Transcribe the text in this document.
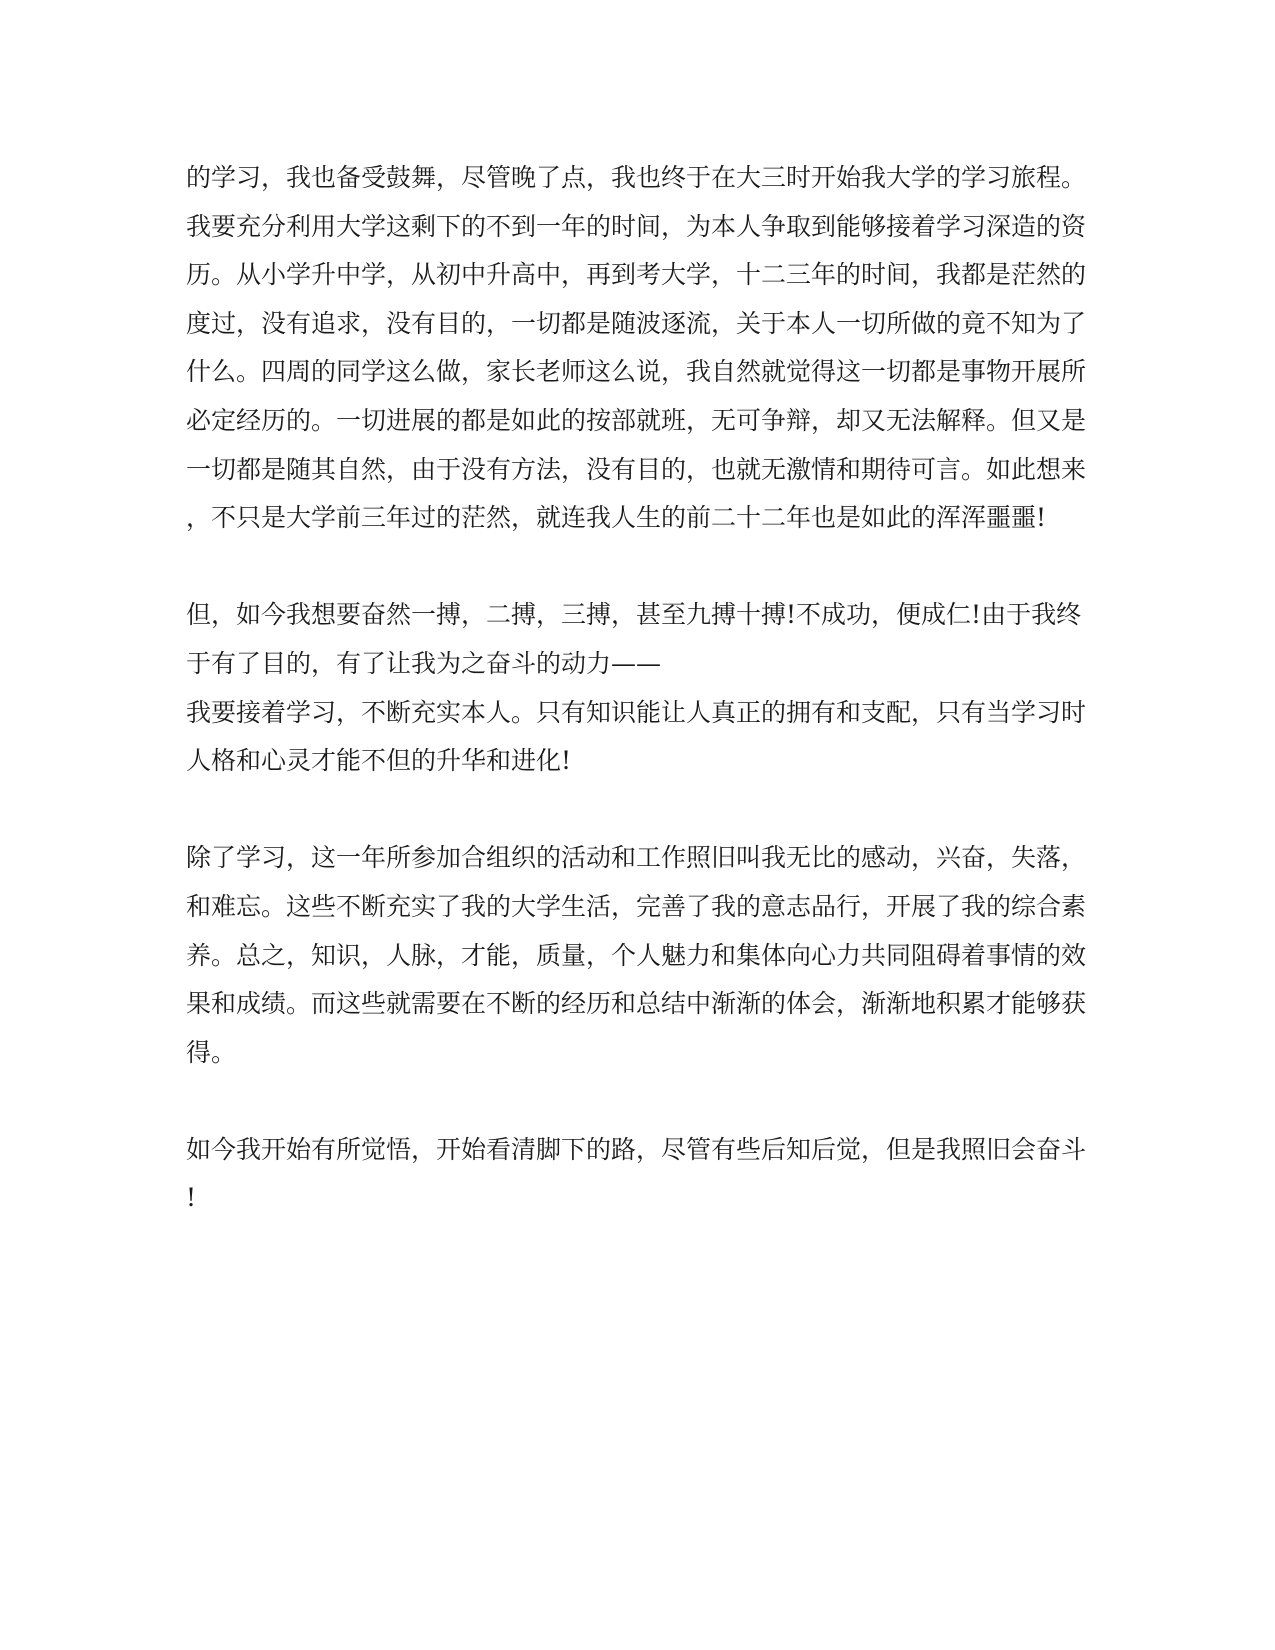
的学习，我也备受鼓舞，尽管晚了点，我也终于在大三时开始我大学的学习旅程。
我要充分利用大学这剩下的不到一年的时间，为本人争取到能够接着学习深造的资
历。从小学升中学，从初中升高中，再到考大学，十二三年的时间，我都是茫然的
度过，没有追求，没有目的，一切都是随波逐流，关于本人一切所做的竟不知为了
什么。四周的同学这么做，家长老师这么说，我自然就觉得这一切都是事物开展所
必定经历的。一切进展的都是如此的按部就班，无可争辩，却又无法解释。但又是
一切都是随其自然，由于没有方法，没有目的，也就无激情和期待可言。如此想来
，不只是大学前三年过的茫然，就连我人生的前二十二年也是如此的浑浑噩噩!

但，如今我想要奋然一搏，二搏，三搏，甚至九搏十搏!不成功，便成仁!由于我终
于有了目的，有了让我为之奋斗的动力——
我要接着学习，不断充实本人。只有知识能让人真正的拥有和支配，只有当学习时
人格和心灵才能不但的升华和进化!

除了学习，这一年所参加合组织的活动和工作照旧叫我无比的感动，兴奋，失落，
和难忘。这些不断充实了我的大学生活，完善了我的意志品行，开展了我的综合素
养。总之，知识，人脉，才能，质量，个人魅力和集体向心力共同阻碍着事情的效
果和成绩。而这些就需要在不断的经历和总结中渐渐的体会，渐渐地积累才能够获
得。

如今我开始有所觉悟，开始看清脚下的路，尽管有些后知后觉，但是我照旧会奋斗
!
